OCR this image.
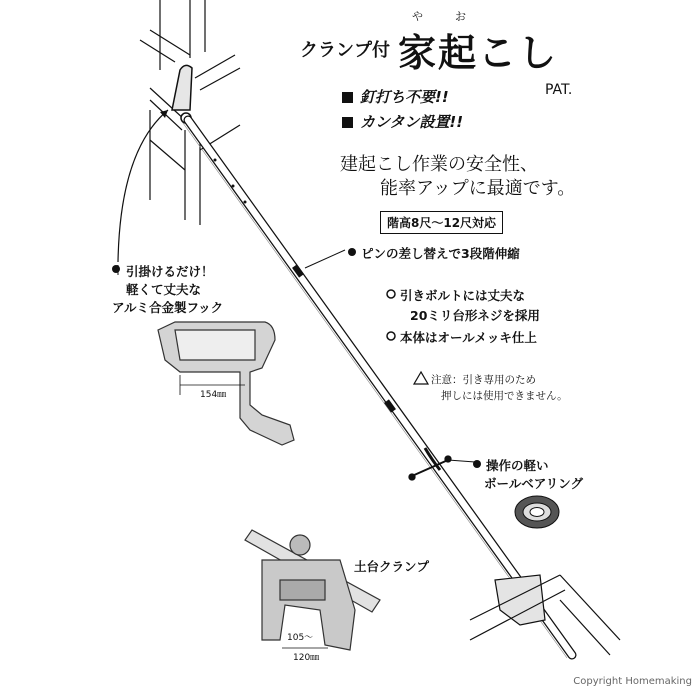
クランプ付
や	お
家起こし
PAT.
釘打ち不要!!
カンタン設置!!
建起こし作業の安全性、
能率アップに最適です。
階高8尺〜12尺対応
ピンの差し替えで3段階伸縮
引掛けるだけ！
軽くて丈夫な
アルミ合金製フック
引きボルトには丈夫な
20ミリ台形ネジを採用
本体はオールメッキ仕上
注意：引き専用のため
押しには使用できません。
操作の軽い
ボールベアリング
土台クランプ
154㎜
105〜
120㎜
Copyright Homemaking
